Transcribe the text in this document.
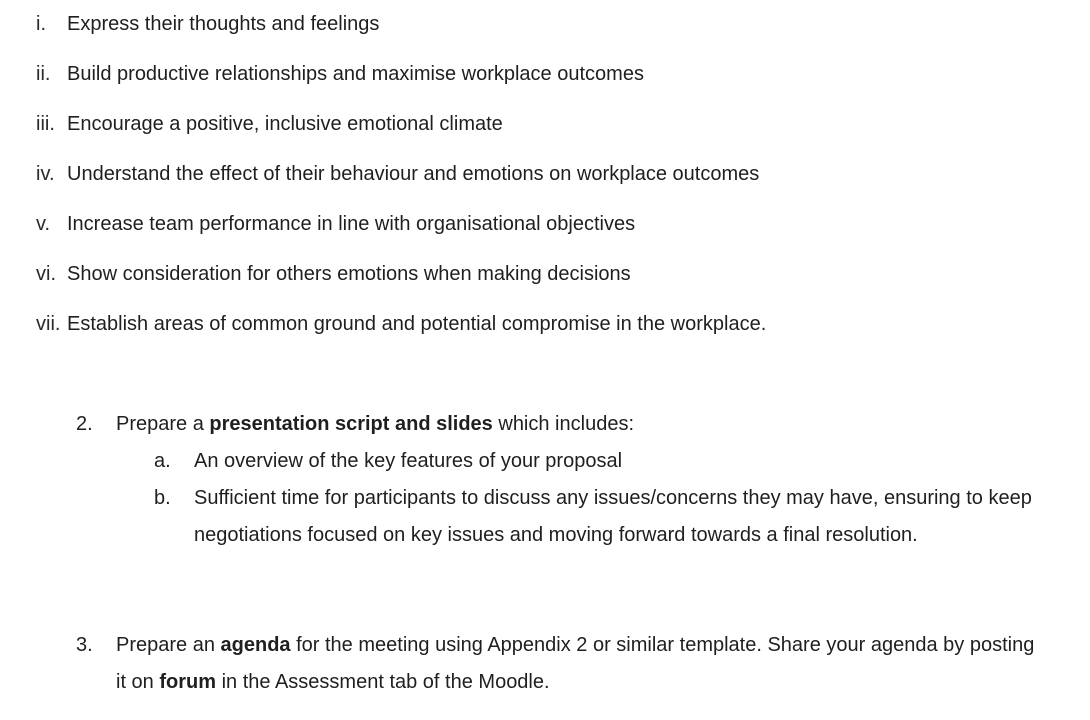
i.	Express their thoughts and feelings
ii. Build productive relationships and maximise workplace outcomes
iii. Encourage a positive, inclusive emotional climate
iv. Understand the effect of their behaviour and emotions on workplace outcomes
v. Increase team performance in line with organisational objectives
vi. Show consideration for others emotions when making decisions
vii. Establish areas of common ground and potential compromise in the workplace.
2. Prepare a presentation script and slides which includes:
a. An overview of the key features of your proposal
b. Sufficient time for participants to discuss any issues/concerns they may have, ensuring to keep negotiations focused on key issues and moving forward towards a final resolution.
3. Prepare an agenda for the meeting using Appendix 2 or similar template. Share your agenda by posting it on forum in the Assessment tab of the Moodle.
